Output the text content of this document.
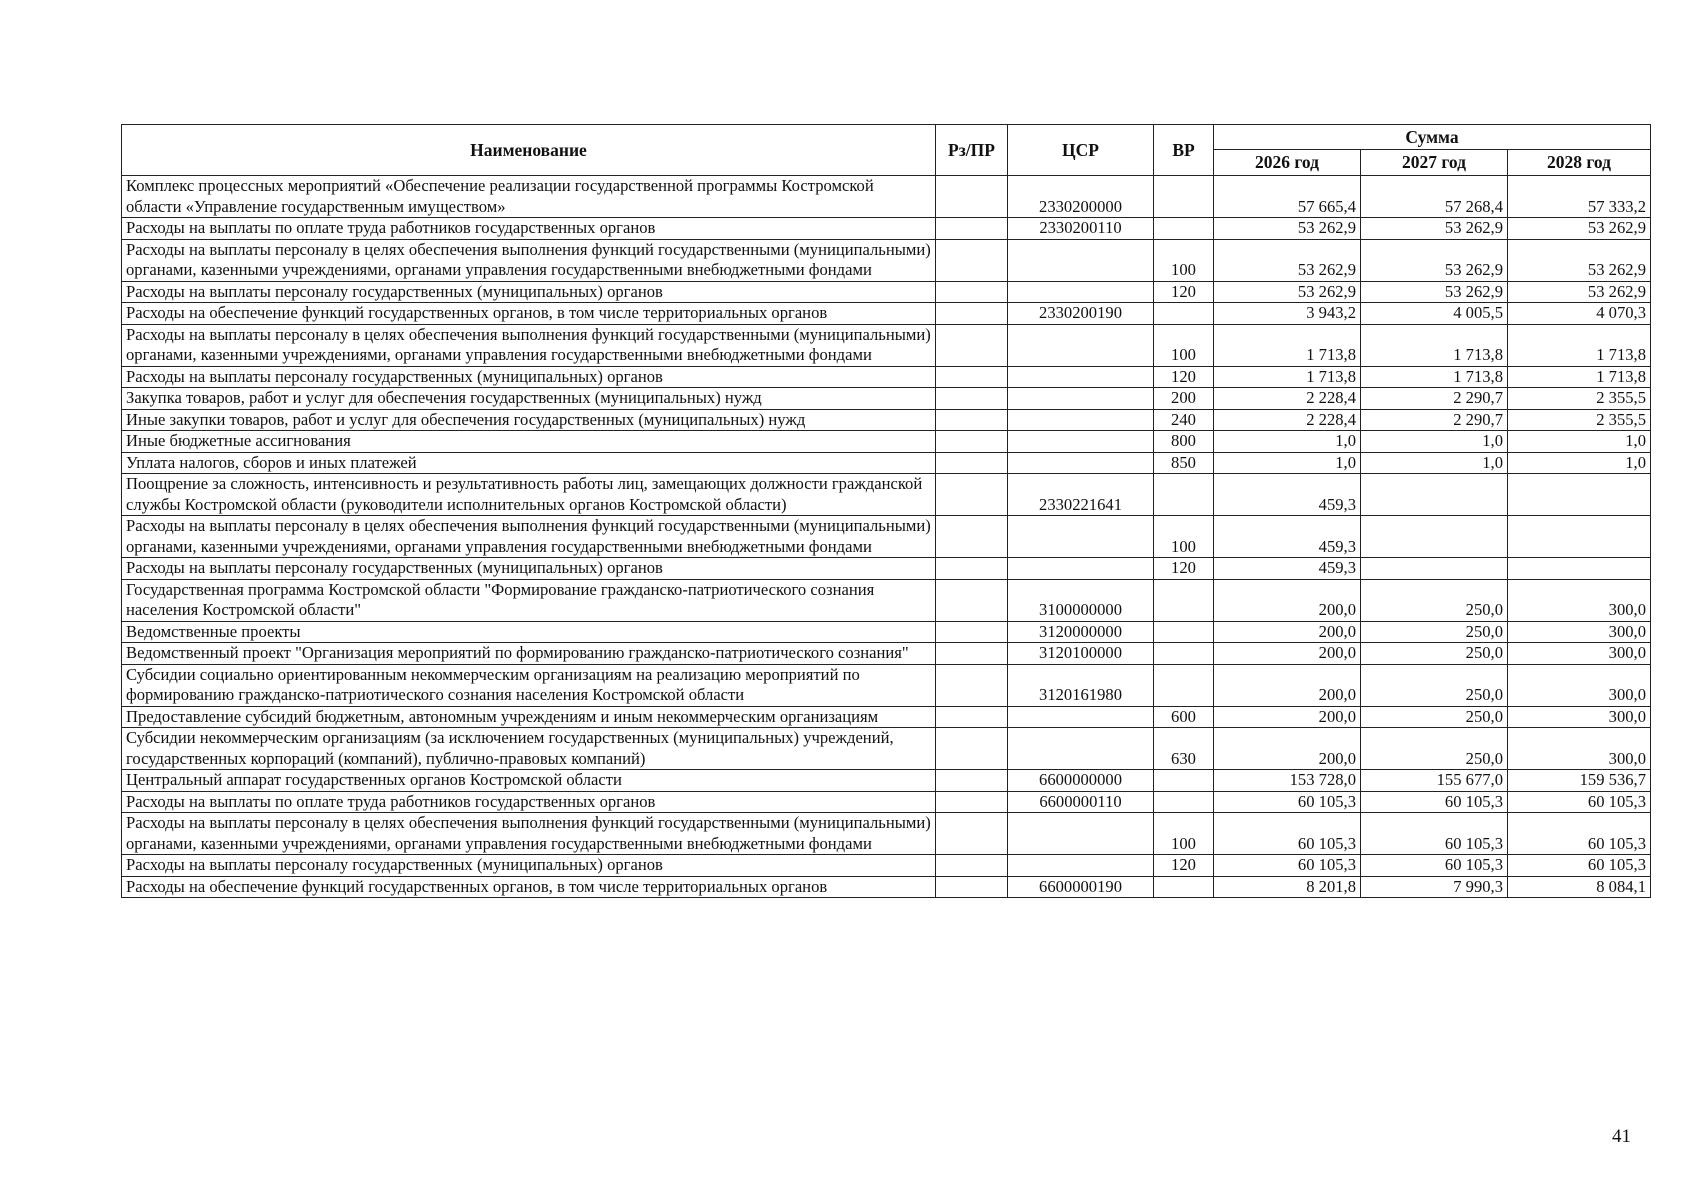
Наименование	Рз/ПР	ЦСР	ВР	Сумма		
				2026 год	2027 год	2028 год
Комплекс процессных мероприятий «Обеспечение реализации государственной программы Костромской области «Управление государственным имуществом»		2330200000		57 665,4	57 268,4	57 333,2
Расходы на выплаты по оплате труда работников государственных органов		2330200110		53 262,9	53 262,9	53 262,9
Расходы на выплаты персоналу в целях обеспечения выполнения функций государственными (муниципальными) органами, казенными учреждениями, органами управления государственными внебюджетными фондами			100	53 262,9	53 262,9	53 262,9
Расходы на выплаты персоналу государственных (муниципальных) органов			120	53 262,9	53 262,9	53 262,9
Расходы на обеспечение функций государственных органов, в том числе территориальных органов		2330200190		3 943,2	4 005,5	4 070,3
Расходы на выплаты персоналу в целях обеспечения выполнения функций государственными (муниципальными) органами, казенными учреждениями, органами управления государственными внебюджетными фондами			100	1 713,8	1 713,8	1 713,8
Расходы на выплаты персоналу государственных (муниципальных) органов			120	1 713,8	1 713,8	1 713,8
Закупка товаров, работ и услуг для обеспечения государственных (муниципальных) нужд			200	2 228,4	2 290,7	2 355,5
Иные закупки товаров, работ и услуг для обеспечения государственных (муниципальных) нужд			240	2 228,4	2 290,7	2 355,5
Иные бюджетные ассигнования			800	1,0	1,0	1,0
Уплата налогов, сборов и иных платежей			850	1,0	1,0	1,0
Поощрение за сложность, интенсивность и результативность работы лиц, замещающих должности гражданской службы Костромской области (руководители исполнительных органов Костромской области)		2330221641		459,3		
Расходы на выплаты персоналу в целях обеспечения выполнения функций государственными (муниципальными) органами, казенными учреждениями, органами управления государственными внебюджетными фондами			100	459,3		
Расходы на выплаты персоналу государственных (муниципальных) органов			120	459,3		
Государственная программа Костромской области "Формирование гражданско-патриотического сознания населения Костромской области"		3100000000		200,0	250,0	300,0
Ведомственные проекты		3120000000		200,0	250,0	300,0
Ведомственный проект "Организация мероприятий по формированию гражданско-патриотического сознания"		3120100000		200,0	250,0	300,0
Субсидии социально ориентированным некоммерческим организациям на реализацию мероприятий по формированию гражданско-патриотического сознания населения Костромской области		3120161980		200,0	250,0	300,0
Предоставление субсидий бюджетным, автономным учреждениям и иным некоммерческим организациям			600	200,0	250,0	300,0
Субсидии некоммерческим организациям (за исключением государственных (муниципальных) учреждений, государственных корпораций (компаний), публично-правовых компаний)			630	200,0	250,0	300,0
Центральный аппарат государственных органов Костромской области		6600000000		153 728,0	155 677,0	159 536,7
Расходы на выплаты по оплате труда работников государственных органов		6600000110		60 105,3	60 105,3	60 105,3
Расходы на выплаты персоналу в целях обеспечения выполнения функций государственными (муниципальными) органами, казенными учреждениями, органами управления государственными внебюджетными фондами			100	60 105,3	60 105,3	60 105,3
Расходы на выплаты персоналу государственных (муниципальных) органов			120	60 105,3	60 105,3	60 105,3
Расходы на обеспечение функций государственных органов, в том числе территориальных органов		6600000190		8 201,8	7 990,3	8 084,1
41
